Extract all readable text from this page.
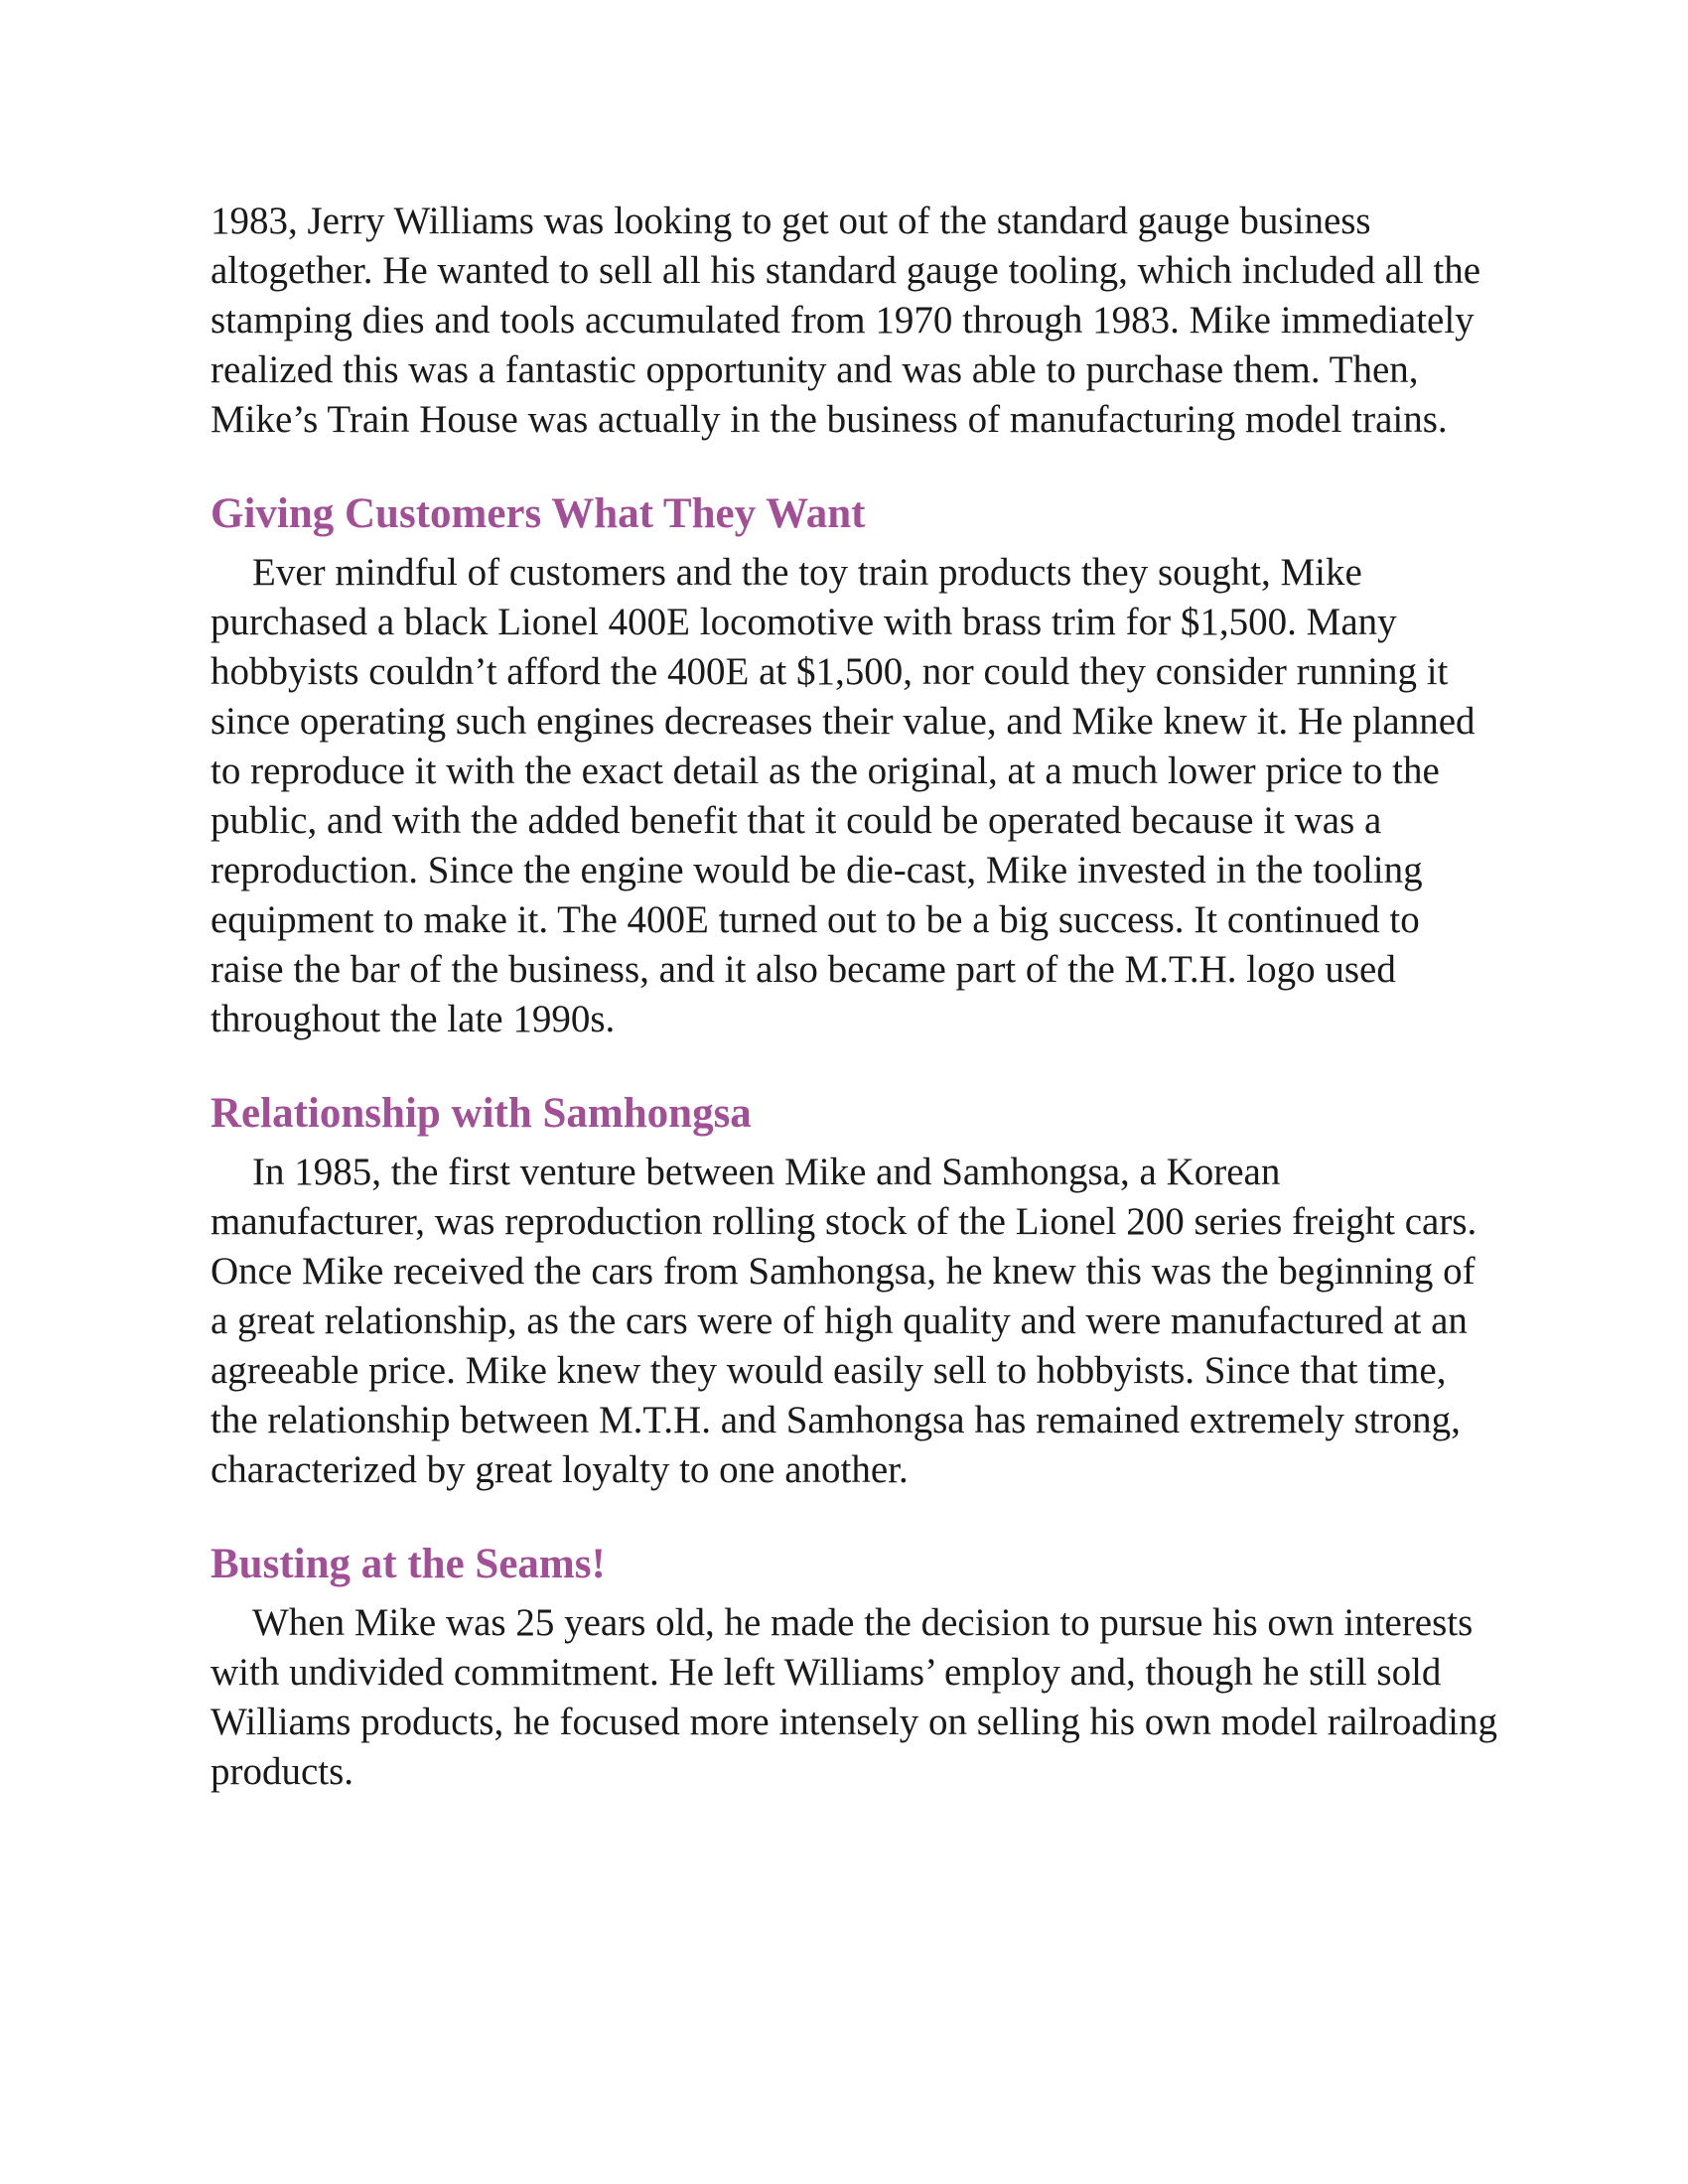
1983, Jerry Williams was looking to get out of the standard gauge business altogether. He wanted to sell all his standard gauge tooling, which included all the stamping dies and tools accumulated from 1970 through 1983. Mike immediately realized this was a fantastic opportunity and was able to purchase them. Then, Mike’s Train House was actually in the business of manufacturing model trains.

Giving Customers What They Want

Ever mindful of customers and the toy train products they sought, Mike purchased a black Lionel 400E locomotive with brass trim for $1,500. Many hobbyists couldn’t afford the 400E at $1,500, nor could they consider running it since operating such engines decreases their value, and Mike knew it. He planned to reproduce it with the exact detail as the original, at a much lower price to the public, and with the added benefit that it could be operated because it was a reproduction. Since the engine would be die-cast, Mike invested in the tooling equipment to make it. The 400E turned out to be a big success. It continued to raise the bar of the business, and it also became part of the M.T.H. logo used throughout the late 1990s.

Relationship with Samhongsa

In 1985, the first venture between Mike and Samhongsa, a Korean manufacturer, was reproduction rolling stock of the Lionel 200 series freight cars. Once Mike received the cars from Samhongsa, he knew this was the beginning of a great relationship, as the cars were of high quality and were manufactured at an agreeable price. Mike knew they would easily sell to hobbyists. Since that time, the relationship between M.T.H. and Samhongsa has remained extremely strong, characterized by great loyalty to one another.

Busting at the Seams!

When Mike was 25 years old, he made the decision to pursue his own interests with undivided commitment. He left Williams’ employ and, though he still sold Williams products, he focused more intensely on selling his own model railroading products.
